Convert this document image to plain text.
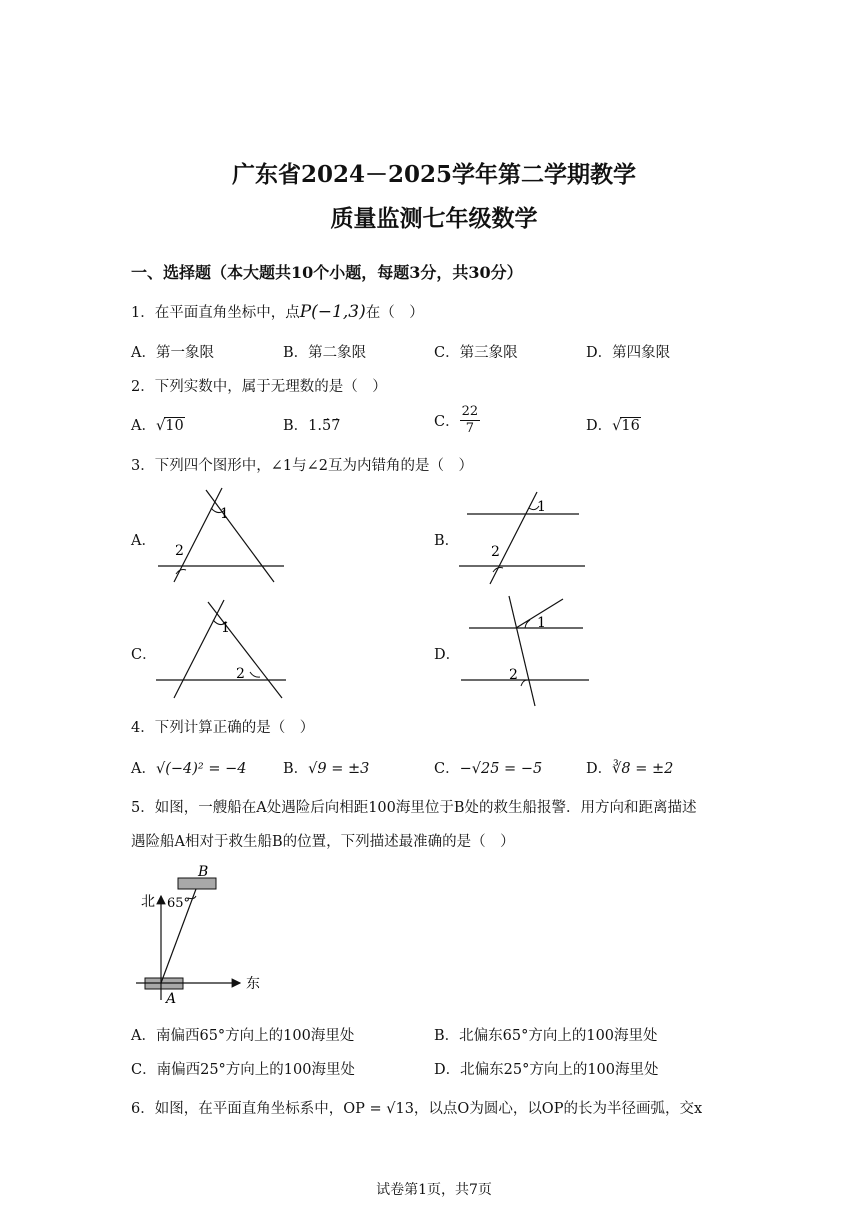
广东省2024－2025学年第二学期教学
质量监测七年级数学
一、选择题（本大题共10个小题，每题3分，共30分）
1．在平面直角坐标中，点P(−1,3)在（　）
A．第一象限	B．第二象限	C．第三象限	D．第四象限
2．下列实数中，属于无理数的是（　）
A．√10	B．1.5̇7̇	C． $\frac{22}{7}$	D．√16
3．下列四个图形中，∠1与∠2互为内错角的是（　）
A．
1
2
B．
1
2
C．
1
2
D．
1
2
4．下列计算正确的是（　）
A．√(−4)² = −4	B．√9 = ±3	C．−√25 = −5	D．∛8 = ±2
5．如图，一艘船在A处遇险后向相距100海里位于B处的救生船报警．用方向和距离描述
遇险船A相对于救生船B的位置，下列描述最准确的是（　）
B
北 65°
东
A
A．南偏西65°方向上的100海里处	B．北偏东65°方向上的100海里处
C．南偏西25°方向上的100海里处	D．北偏东25°方向上的100海里处
6．如图，在平面直角坐标系中，OP = √13，以点O为圆心，以OP的长为半径画弧，交x
试卷第1页，共7页
